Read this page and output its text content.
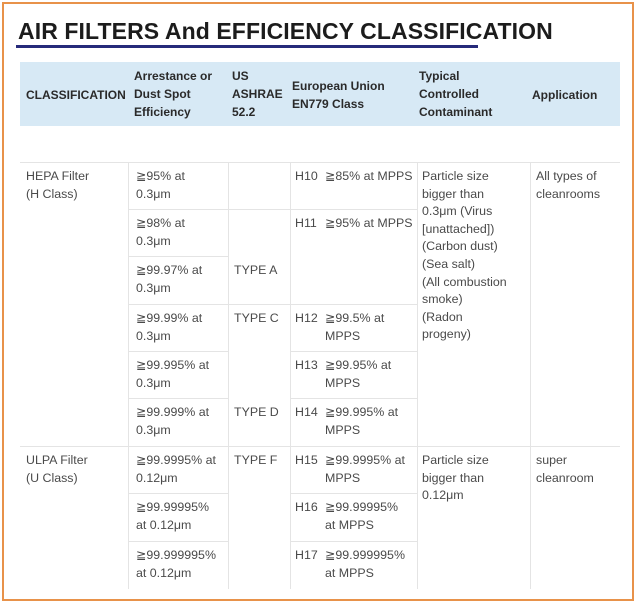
AIR FILTERS And EFFICIENCY CLASSIFICATION
CLASSIFICATION
Arrestance or
Dust Spot
Efficiency
US
ASHRAE
52.2
European Union
EN779 Class
Typical
Controlled
Contaminant
Application
HEPA Filter
(H Class)
Particle size
bigger than
0.3μm (Virus
[unattached])
(Carbon dust)
(Sea salt)
(All combustion
smoke)
(Radon
progeny)
All types of
cleanrooms
≧95% at
0.3μm
H10 ≧85% at MPPS
≧98% at
0.3μm
H11 ≧95% at MPPS
≧99.97% at
0.3μm
TYPE A
≧99.99% at
0.3μm
TYPE C H12 ≧99.5% at
MPPS
≧99.995% at
0.3μm
H13 ≧99.95% at
MPPS
≧99.999% at
0.3μm
TYPE D H14 ≧99.995% at
MPPS
ULPA Filter
(U Class)
Particle size
bigger than
0.12μm
super
cleanroom
≧99.9995% at
0.12μm
TYPE F H15 ≧99.9995% at
MPPS
≧99.99995%
at 0.12μm
H16 ≧99.99995%
at MPPS
≧99.999995%
at 0.12μm
H17 ≧99.999995%
at MPPS
